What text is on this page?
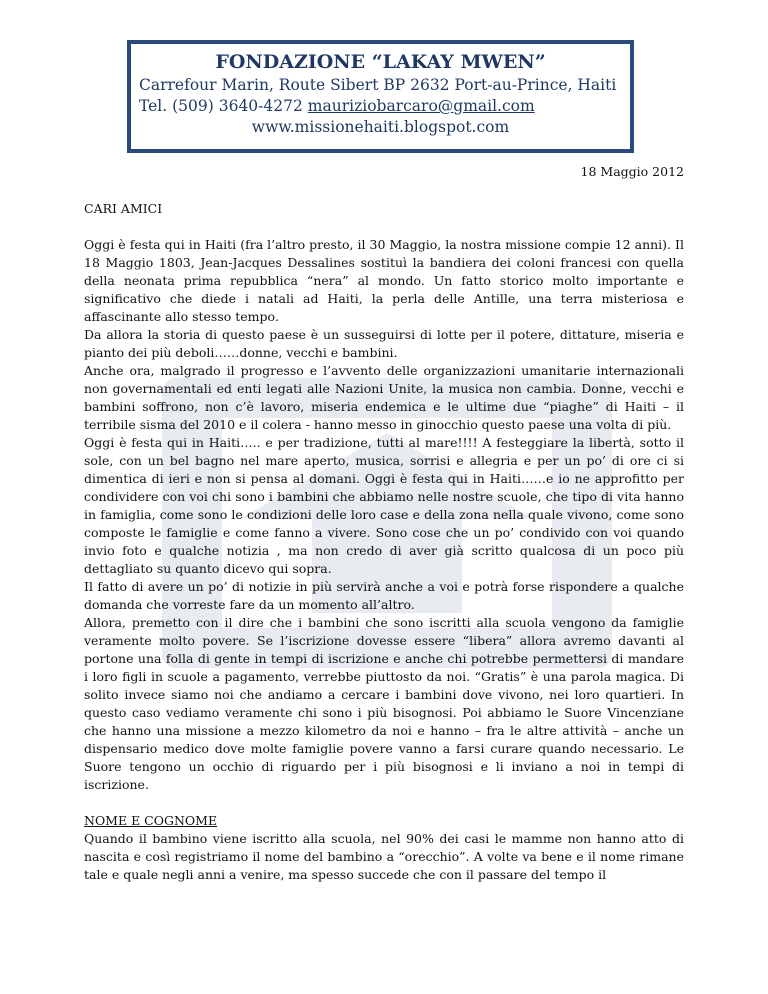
FONDAZIONE “LAKAY MWEN”

Carrefour Marin, Route Sibert BP 2632 Port-au-Prince, Haiti

Tel. (509) 3640-4272 mauriziobarcaro@gmail.com

www.missionehaiti.blogspot.com

18 Maggio 2012

CARI AMICI

Oggi è festa qui in Haiti (fra l’altro presto, il 30 Maggio, la nostra missione compie 12 anni). Il 18 Maggio 1803, Jean-Jacques Dessalines sostituì la bandiera dei coloni francesi con quella della neonata prima repubblica “nera” al mondo. Un fatto storico molto importante e significativo che diede i natali ad Haiti, la perla delle Antille, una terra misteriosa e affascinante allo stesso tempo.

Da allora la storia di questo paese è un susseguirsi di lotte per il potere, dittature, miseria e pianto dei più deboli……donne, vecchi e bambini.

Anche ora, malgrado il progresso e l’avvento delle organizzazioni umanitarie internazionali non governamentali ed enti legati alle Nazioni Unite, la musica non cambia. Donne, vecchi e bambini soffrono, non c’è lavoro, miseria endemica e le ultime due “piaghe” di Haiti – il terribile sisma del 2010 e il colera - hanno messo in ginocchio questo paese una volta di più.

Oggi è festa qui in Haiti….. e per tradizione, tutti al mare!!!! A festeggiare la libertà, sotto il sole, con un bel bagno nel mare aperto, musica, sorrisi e allegria e per un po’ di ore ci si dimentica di ieri e non si pensa al domani. Oggi è festa qui in Haiti……e io ne approfitto per condividere con voi chi sono i bambini che abbiamo nelle nostre scuole, che tipo di vita hanno in famiglia, come sono le condizioni delle loro case e della zona nella quale vivono, come sono composte le famiglie e come fanno a vivere. Sono cose che un po’ condivido con voi quando invio foto e qualche notizia , ma non credo di aver già scritto qualcosa di un poco più dettagliato su quanto dicevo qui sopra.

Il fatto di avere un po’ di notizie in più servirà anche a voi e potrà forse rispondere a qualche domanda che vorreste fare da un momento all’altro.

Allora, premetto con il dire che i bambini che sono iscritti alla scuola vengono da famiglie veramente molto povere. Se l’iscrizione dovesse essere “libera” allora avremo davanti al portone una folla di gente in tempi di iscrizione e anche chi potrebbe permettersi di mandare i loro figli in scuole a pagamento, verrebbe piuttosto da noi. “Gratis” è una parola magica. Di solito invece siamo noi che andiamo a cercare i bambini dove vivono, nei loro quartieri. In questo caso vediamo veramente chi sono i più bisognosi. Poi abbiamo le Suore Vincenziane che hanno una missione a mezzo kilometro da noi e hanno – fra le altre attività – anche un dispensario medico dove molte famiglie povere vanno a farsi curare quando necessario. Le Suore tengono un occhio di riguardo per i più bisognosi e li inviano a noi in tempi di iscrizione.

NOME E COGNOME

Quando il bambino viene iscritto alla scuola, nel 90% dei casi le mamme non hanno atto di nascita e così registriamo il nome del bambino a “orecchio”. A volte va bene e il nome rimane tale e quale negli anni a venire, ma spesso succede che con il passare del tempo il
